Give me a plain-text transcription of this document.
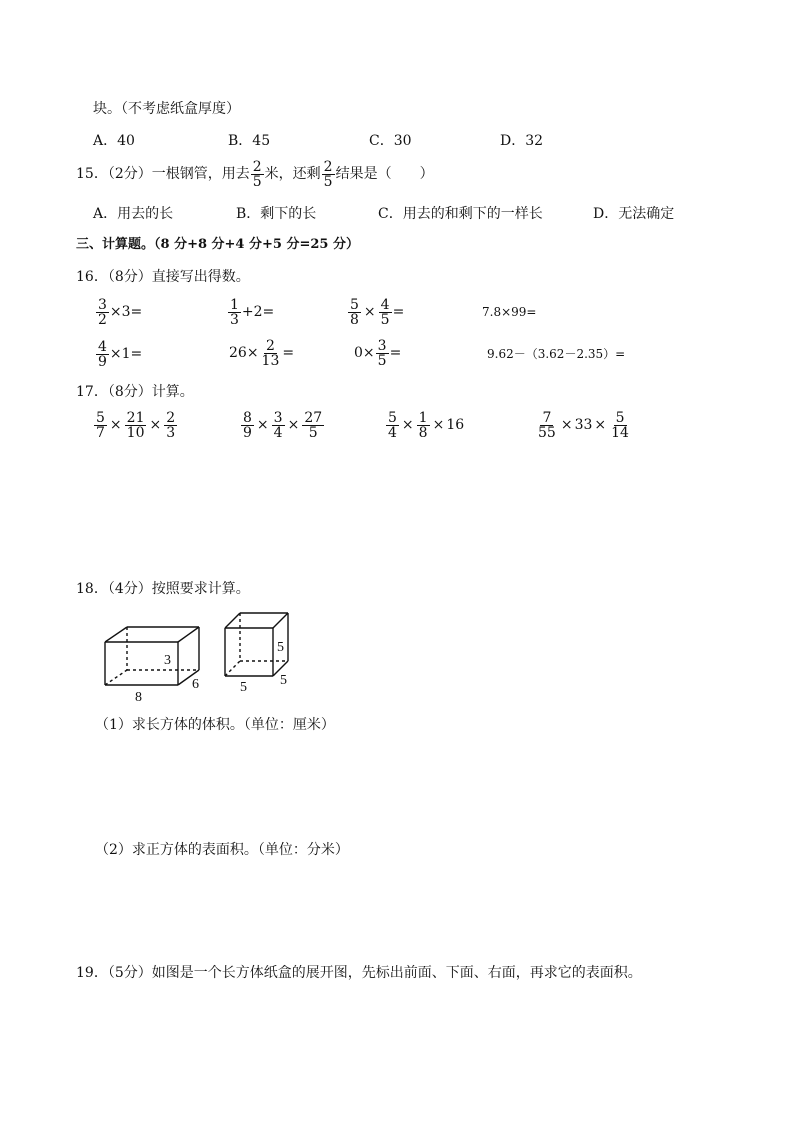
块。（不考虑纸盒厚度）
A．40	B．45	C．30	D．32
15．（2分）一根钢管，用去 $\frac{2}{5}$ 米，还剩 $\frac{2}{5}$ 结果是（　　）
A．用去的长	B．剩下的长	C．用去的和剩下的一样长	D．无法确定
三、计算题。（8 分+8 分+4 分+5 分=25 分）
16．（8分）直接写出得数。
$\frac{3}{2} \times 3=$	$\frac{1}{3} +2=$	$\frac{5}{8} \times \frac{4}{5}$ =	7.8×99=
$\frac{4}{9} \times 1=$	$26\times \frac{2}{13}$ =	$0\times \frac{3}{5}$ =	9.62－（3.62－2.35）=
17．（8分）计算。
$\frac{5}{7} \times \frac{21}{10} \times \frac{2}{3}$	$\frac{8}{9} \times \frac{3}{4} \times \frac{27}{5}$	$\frac{5}{4} \times \frac{1}{8} \times 16$	$\frac{7}{55} \times 33 \times \frac{5}{14}$
18．（4分）按照要求计算。
3
8
6
5
5 5
（1）求长方体的体积。（单位：厘米）
（2）求正方体的表面积。（单位：分米）
19．（5分）如图是一个长方体纸盒的展开图，先标出前面、下面、右面，再求它的表面积。
